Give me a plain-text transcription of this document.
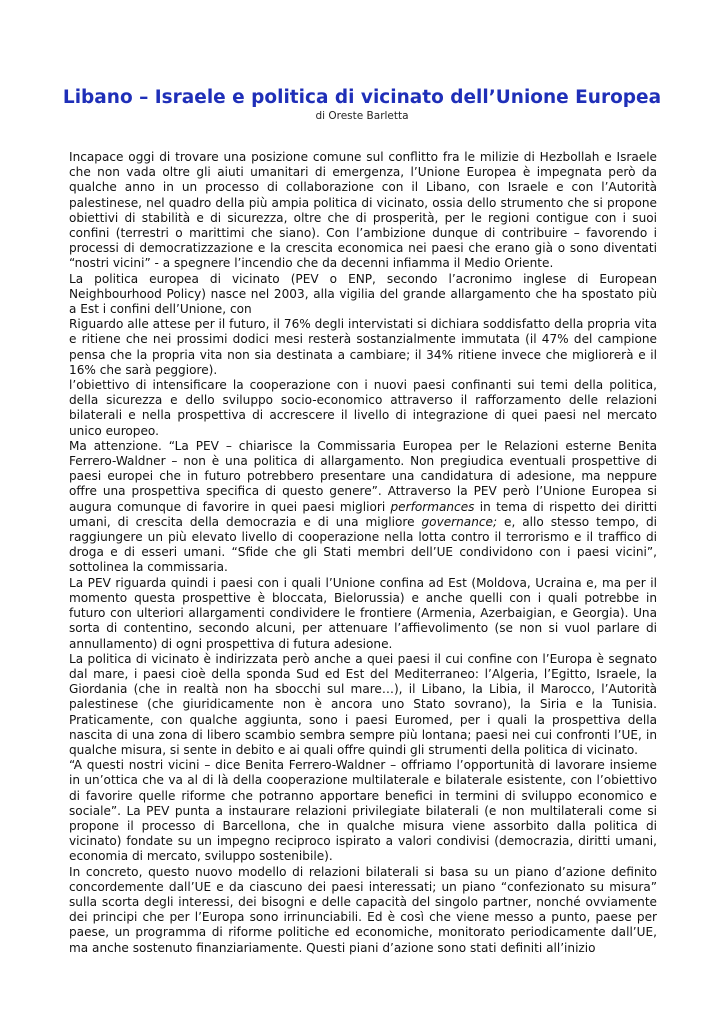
Libano – Israele e politica di vicinato dell’Unione Europea
di Oreste Barletta

Incapace oggi di trovare una posizione comune sul conflitto fra le milizie di Hezbollah e Israele che non vada oltre gli aiuti umanitari di emergenza, l’Unione Europea è impegnata però da qualche anno in un processo di collaborazione con il Libano, con Israele e con l’Autorità palestinese, nel quadro della più ampia politica di vicinato, ossia dello strumento che si propone obiettivi di stabilità e di sicurezza, oltre che di prosperità, per le regioni contigue con i suoi confini (terrestri o marittimi che siano). Con l’ambizione dunque di contribuire – favorendo i processi di democratizzazione e la crescita economica nei paesi che erano già o sono diventati “nostri vicini” - a spegnere l’incendio che da decenni infiamma il Medio Oriente.

La politica europea di vicinato (PEV o ENP, secondo l’acronimo inglese di European Neighbourhood Policy) nasce nel 2003, alla vigilia del grande allargamento che ha spostato più a Est i confini dell’Unione, con

Riguardo alle attese per il futuro, il 76% degli intervistati si dichiara soddisfatto della propria vita e ritiene che nei prossimi dodici mesi resterà sostanzialmente immutata (il 47% del campione pensa che la propria vita non sia destinata a cambiare; il 34% ritiene invece che migliorerà e il 16% che sarà peggiore).

l’obiettivo di intensificare la cooperazione con i nuovi paesi confinanti sui temi della politica, della sicurezza e dello sviluppo socio-economico attraverso il rafforzamento delle relazioni bilaterali e nella prospettiva di accrescere il livello di integrazione di quei paesi nel mercato unico europeo.

Ma attenzione. “La PEV – chiarisce la Commissaria Europea per le Relazioni esterne Benita Ferrero-Waldner – non è una politica di allargamento. Non pregiudica eventuali prospettive di paesi europei che in futuro potrebbero presentare una candidatura di adesione, ma neppure offre una prospettiva specifica di questo genere”. Attraverso la PEV però l’Unione Europea si augura comunque di favorire in quei paesi migliori performances in tema di rispetto dei diritti umani, di crescita della democrazia e di una migliore governance; e, allo stesso tempo, di raggiungere un più elevato livello di cooperazione nella lotta contro il terrorismo e il traffico di droga e di esseri umani. “Sfide che gli Stati membri dell’UE condividono con i paesi vicini”, sottolinea la commissaria.

La PEV riguarda quindi i paesi con i quali l’Unione confina ad Est (Moldova, Ucraina e, ma per il momento questa prospettive è bloccata, Bielorussia) e anche quelli con i quali potrebbe in futuro con ulteriori allargamenti condividere le frontiere (Armenia, Azerbaigian, e Georgia). Una sorta di contentino, secondo alcuni, per attenuare l’affievolimento (se non si vuol parlare di annullamento) di ogni prospettiva di futura adesione.

La politica di vicinato è indirizzata però anche a quei paesi il cui confine con l’Europa è segnato dal mare, i paesi cioè della sponda Sud ed Est del Mediterraneo: l’Algeria, l’Egitto, Israele, la Giordania (che in realtà non ha sbocchi sul mare…), il Libano, la Libia, il Marocco, l’Autorità palestinese (che giuridicamente non è ancora uno Stato sovrano), la Siria e la Tunisia. Praticamente, con qualche aggiunta, sono i paesi Euromed, per i quali la prospettiva della nascita di una zona di libero scambio sembra sempre più lontana; paesi nei cui confronti l’UE, in qualche misura, si sente in debito e ai quali offre quindi gli strumenti della politica di vicinato.

“A questi nostri vicini – dice Benita Ferrero-Waldner – offriamo l’opportunità di lavorare insieme in un’ottica che va al di là della cooperazione multilaterale e bilaterale esistente, con l’obiettivo di favorire quelle riforme che potranno apportare benefici in termini di sviluppo economico e sociale”. La PEV punta a instaurare relazioni privilegiate bilaterali (e non multilaterali come si propone il processo di Barcellona, che in qualche misura viene assorbito dalla politica di vicinato) fondate su un impegno reciproco ispirato a valori condivisi (democrazia, diritti umani, economia di mercato, sviluppo sostenibile).

In concreto, questo nuovo modello di relazioni bilaterali si basa su un piano d’azione definito concordemente dall’UE e da ciascuno dei paesi interessati; un piano “confezionato su misura” sulla scorta degli interessi, dei bisogni e delle capacità del singolo partner, nonché ovviamente dei principi che per l’Europa sono irrinunciabili. Ed è così che viene messo a punto, paese per paese, un programma di riforme politiche ed economiche, monitorato periodicamente dall’UE, ma anche sostenuto finanziariamente. Questi piani d’azione sono stati definiti all’inizio
